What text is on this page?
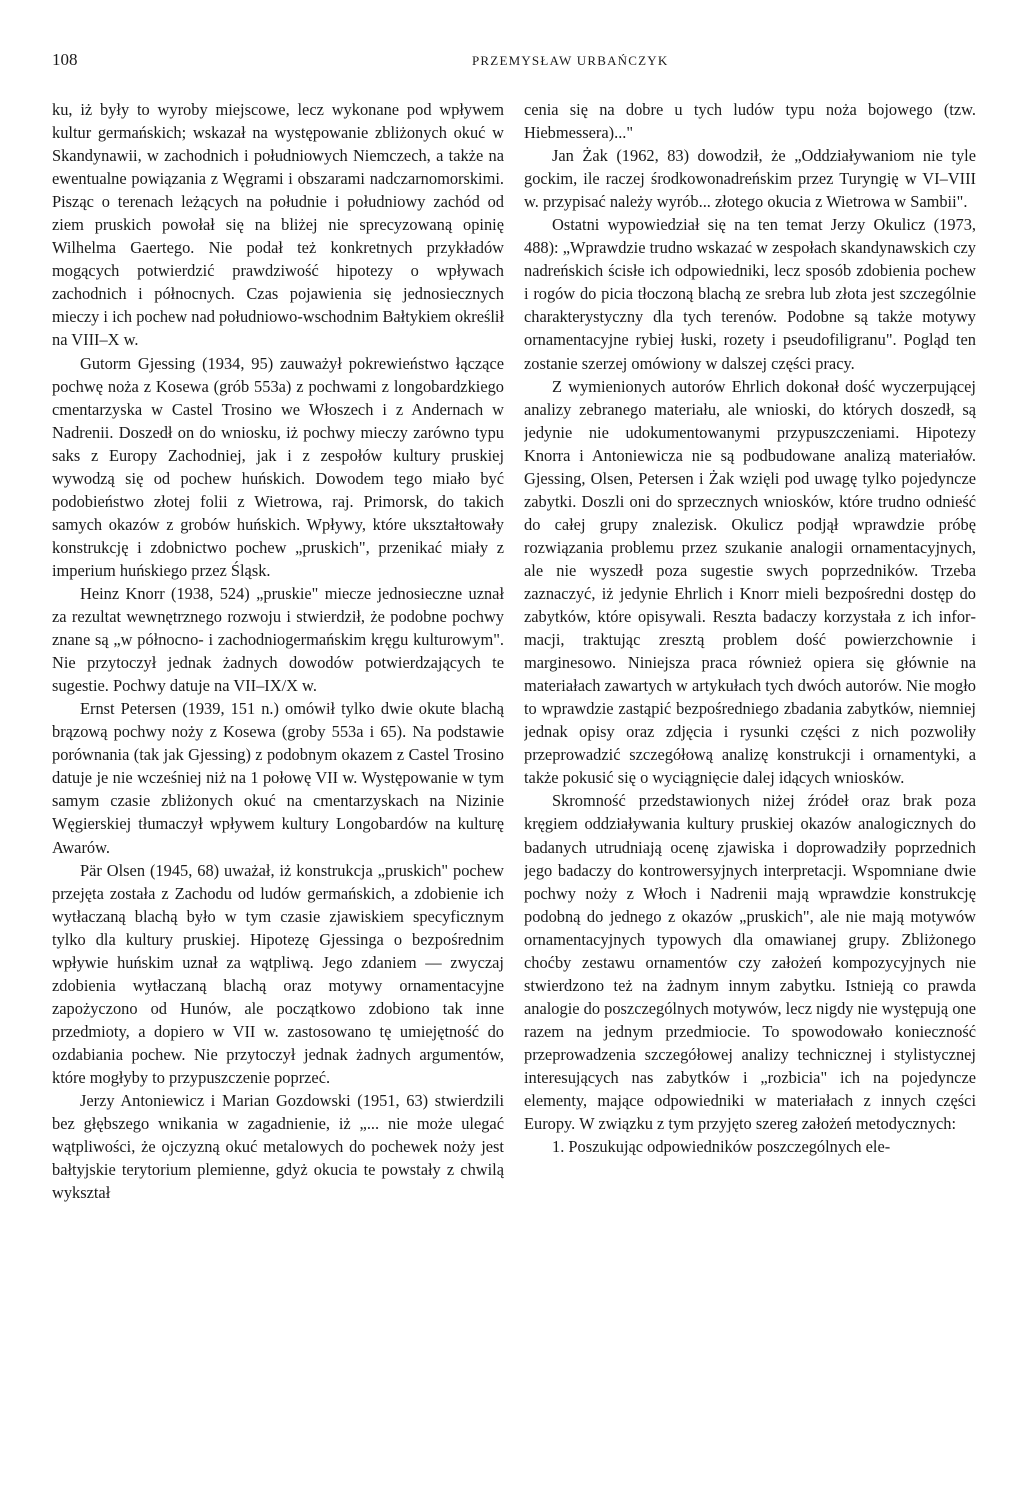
108	PRZEMYSŁAW URBAŃCZYK

ku, iż były to wyroby miejscowe, lecz wykonane pod wpływem kultur germańskich; wskazał na występowanie zbliżonych okuć w Skandynawii, w zachodnich i południowych Niemczech, a także na ewentualne powiązania z Węgrami i obszarami nadczarnomorskimi. Pisząc o terenach leżących na południe i południowy zachód od ziem pruskich powołał się na bliżej nie sprecyzowaną opinię Wilhelma Gaertego. Nie podał też konkretnych przykładów mogących potwierdzić prawdziwość hipotezy o wpływach zachodnich i północnych. Czas pojawienia się jednosiecznych mieczy i ich pochew nad południowo-wschodnim Bałtykiem określił na VIII–X w.

Gutorm Gjessing (1934, 95) zauważył pokrewieństwo łączące pochwę noża z Kosewa (grób 553a) z pochwami z longobardzkiego cmentarzyska w Castel Trosino we Włoszech i z Andernach w Nadrenii. Doszedł on do wniosku, iż pochwy mieczy zarówno typu saks z Europy Zachodniej, jak i z zespołów kultury pruskiej wywodzą się od pochew huńskich. Dowodem tego miało być podobieństwo złotej folii z Wietrowa, raj. Primorsk, do takich samych okazów z grobów huńskich. Wpływy, które ukształtowały konstrukcję i zdobnictwo pochew „pruskich", przenikać miały z imperium huńskiego przez Śląsk.

Heinz Knorr (1938, 524) „pruskie" miecze jednosieczne uznał za rezultat wewnętrznego rozwoju i stwierdził, że podobne pochwy znane są „w północno- i zachodniogermańskim kręgu kulturowym". Nie przytoczył jednak żadnych dowodów potwierdzających te sugestie. Pochwy datuje na VII–IX/X w.

Ernst Petersen (1939, 151 n.) omówił tylko dwie okute blachą brązową pochwy noży z Kosewa (groby 553a i 65). Na podstawie porównania (tak jak Gjessing) z podobnym okazem z Castel Trosino datuje je nie wcześniej niż na 1 połowę VII w. Występowanie w tym samym czasie zbliżonych okuć na cmentarzyskach na Nizinie Węgierskiej tłumaczył wpływem kultury Longobardów na kulturę Awarów.

Pär Olsen (1945, 68) uważał, iż konstrukcja „pruskich" pochew przejęta została z Zachodu od ludów germańskich, a zdobienie ich wytłaczaną blachą było w tym czasie zjawiskiem specyficznym tylko dla kultury pruskiej. Hipotezę Gjessinga o bezpośrednim wpływie huńskim uznał za wątpliwą. Jego zdaniem — zwyczaj zdobienia wytłaczaną blachą oraz motywy ornamentacyjne zapożyczono od Hunów, ale początkowo zdobiono tak inne przedmioty, a dopiero w VII w. zastosowano tę umiejętność do ozdabiania pochew. Nie przytoczył jednak żadnych argumentów, które mogłyby to przypuszczenie poprzeć.

Jerzy Antoniewicz i Marian Gozdowski (1951, 63) stwierdzili bez głębszego wnikania w zagadnienie, iż „... nie może ulegać wątpliwości, że ojczyzną okuć metalowych do pochewek noży jest bałtyjskie terytorium plemienne, gdyż okucia te powstały z chwilą wykształ

cenia się na dobre u tych ludów typu noża bojowego (tzw. Hiebmessera)..."

Jan Żak (1962, 83) dowodził, że „Oddziaływaniom nie tyle gockim, ile raczej środkowonadreńskim przez Turyngię w VI–VIII w. przypisać należy wyrób... złotego okucia z Wietrowa w Sambii".

Ostatni wypowiedział się na ten temat Jerzy Okulicz (1973, 488): „Wprawdzie trudno wskazać w zespołach skandynawskich czy nadreńskich ścisłe ich odpowiedniki, lecz sposób zdobienia pochew i rogów do picia tłoczoną blachą ze srebra lub złota jest szczególnie charakterystyczny dla tych terenów. Podobne są także motywy ornamentacyjne rybiej łuski, rozety i pseudofiligranu". Pogląd ten zostanie szerzej omówiony w dalszej części pracy.

Z wymienionych autorów Ehrlich dokonał dość wyczerpującej analizy zebranego materiału, ale wnioski, do których doszedł, są jedynie nie udokumentowanymi przypuszczeniami. Hipotezy Knorra i Antoniewicza nie są podbudowane analizą materiałów. Gjessing, Olsen, Petersen i Żak wzięli pod uwagę tylko pojedyncze zabytki. Doszli oni do sprzecznych wniosków, które trudno odnieść do całej grupy znalezisk. Okulicz podjął wprawdzie próbę rozwiązania problemu przez szukanie analogii ornamentacyjnych, ale nie wyszedł poza sugestie swych poprzedników. Trzeba zaznaczyć, iż jedynie Ehrlich i Knorr mieli bezpośredni dostęp do zabytków, które opisywali. Reszta badaczy korzystała z ich informacji, traktując zresztą problem dość powierzchownie i marginesowo. Niniejsza praca również opiera się głównie na materiałach zawartych w artykułach tych dwóch autorów. Nie mogło to wprawdzie zastąpić bezpośredniego zbadania zabytków, niemniej jednak opisy oraz zdjęcia i rysunki części z nich pozwoliły przeprowadzić szczegółową analizę konstrukcji i ornamentyki, a także pokusić się o wyciągnięcie dalej idących wniosków.

Skromność przedstawionych niżej źródeł oraz brak poza kręgiem oddziaływania kultury pruskiej okazów analogicznych do badanych utrudniają ocenę zjawiska i doprowadziły poprzednich jego badaczy do kontrowersyjnych interpretacji. Wspomniane dwie pochwy noży z Włoch i Nadrenii mają wprawdzie konstrukcję podobną do jednego z okazów „pruskich", ale nie mają motywów ornamentacyjnych typowych dla omawianej grupy. Zbliżonego choćby zestawu ornamentów czy założeń kompozycyjnych nie stwierdzono też na żadnym innym zabytku. Istnieją co prawda analogie do poszczególnych motywów, lecz nigdy nie występują one razem na jednym przedmiocie. To spowodowało konieczność przeprowadzenia szczegółowej analizy technicznej i stylistycznej interesujących nas zabytków i „rozbicia" ich na pojedyncze elementy, mające odpowiedniki w materiałach z innych części Europy. W związku z tym przyjęto szereg założeń metodycznych:

1. Poszukując odpowiedników poszczególnych ele-
